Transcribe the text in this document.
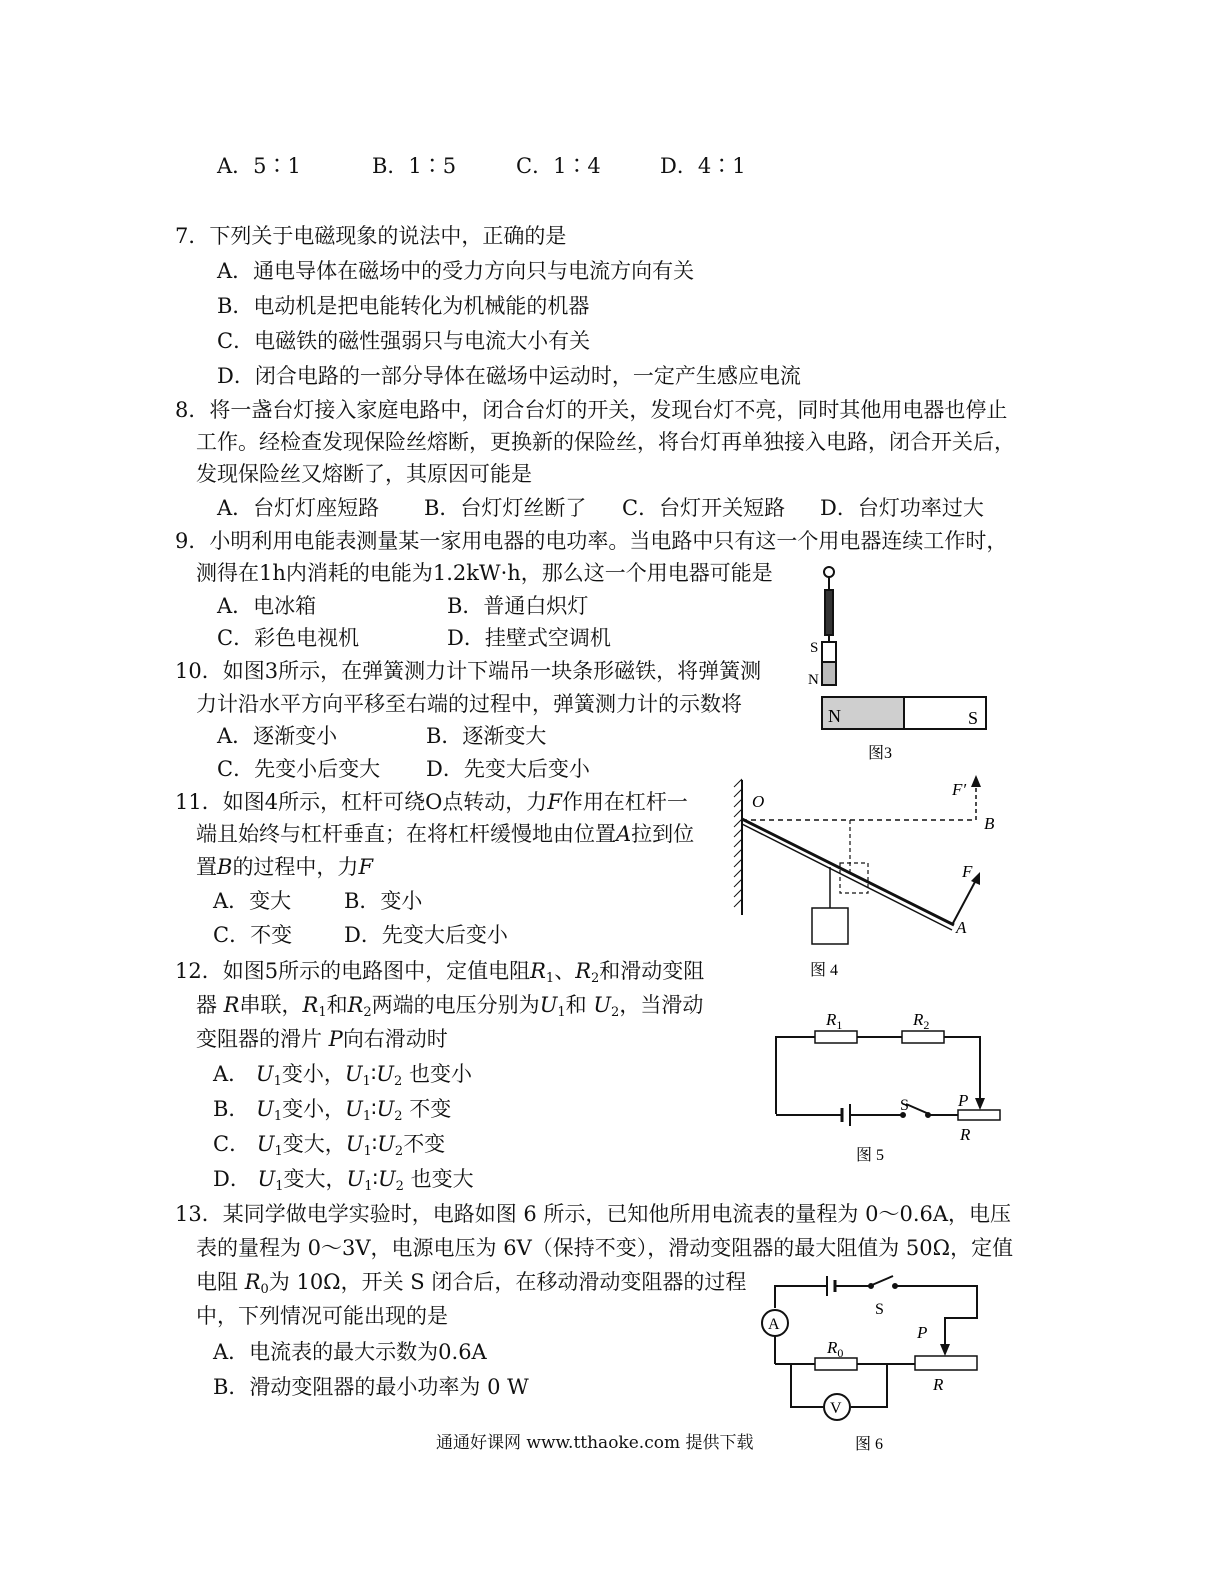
A．5∶1	B．1∶5	C．1∶4	D．4∶1
7．下列关于电磁现象的说法中，正确的是
A．通电导体在磁场中的受力方向只与电流方向有关
B．电动机是把电能转化为机械能的机器
C．电磁铁的磁性强弱只与电流大小有关
D．闭合电路的一部分导体在磁场中运动时，一定产生感应电流
8．将一盏台灯接入家庭电路中，闭合台灯的开关，发现台灯不亮，同时其他用电器也停止
工作。经检查发现保险丝熔断，更换新的保险丝，将台灯再单独接入电路，闭合开关后，
发现保险丝又熔断了，其原因可能是
A．台灯灯座短路 B．台灯灯丝断了 C．台灯开关短路 D．台灯功率过大
9．小明利用电能表测量某一家用电器的电功率。当电路中只有这一个用电器连续工作时，
测得在1h内消耗的电能为1.2kW·h，那么这一个用电器可能是
A．电冰箱	B．普通白炽灯
C．彩色电视机	D．挂壁式空调机
10．如图3所示，在弹簧测力计下端吊一块条形磁铁，将弹簧测
力计沿水平方向平移至右端的过程中，弹簧测力计的示数将
A．逐渐变小	B．逐渐变大
C．先变小后变大 D．先变大后变小
11．如图4所示，杠杆可绕O点转动，力F作用在杠杆一
端且始终与杠杆垂直；在将杠杆缓慢地由位置A拉到位
置B的过程中，力F
A．变大	B．变小
C．不变 D．先变大后变小
12．如图5所示的电路图中，定值电阻$R_1$、$R_2$和滑动变阻
器 R串联，$R_1$和$R_2$两端的电压分别为$U_1$和 $U_2$，当滑动
变阻器的滑片 P向右滑动时
A． $U_1$变小，$U_1∶U_2$ 也变小
B． $U_1$变小，$U_1∶U_2$ 不变
C． $U_1$变大，$U_1∶U_2$不变
D． $U_1$变大，$U_1∶U_2$ 也变大
13．某同学做电学实验时，电路如图 6 所示，已知他所用电流表的量程为 0～0.6A，电压
表的量程为 0～3V，电源电压为 6V（保持不变），滑动变阻器的最大阻值为 50Ω，定值
电阻 $R_0$为 10Ω，开关 S 闭合后，在移动滑动变阻器的过程
中，下列情况可能出现的是
A．电流表的最大示数为0.6A
B．滑动变阻器的最小功率为 0 W
S
N
N	S
图3
O
B
F′
F
A
图 4
$R_1$	$R_2$
S	P
R
图 5
A
V
S
P
$R_0$
R
图 6
通通好课网 www.tthaoke.com 提供下载
